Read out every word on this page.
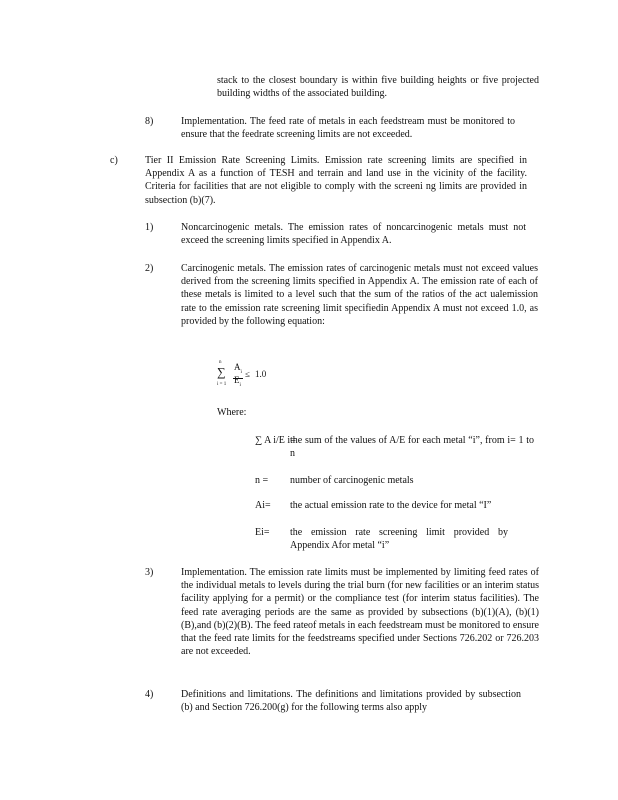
stack to the closest boundary is within five building heights or five projected building widths of the associated building.

8)	Implementation. The feed rate of metals in each feedstream must be monitored to ensure that the feedrate screening limits are not exceeded.

c)	Tier II Emission Rate Screening Limits. Emission rate screening limits are specified in Appendix A as a function of TESH and terrain and land use in the vicinity of the facility. Criteria for facilities that are not eligible to comply with the screeni ng limits are provided in subsection (b)(7).

1)	Noncarcinogenic metals. The emission rates of noncarcinogenic metals must not exceed the screening limits specified in Appendix A.

2)	Carcinogenic metals. The emission rates of carcinogenic metals must not exceed values derived from the screening limits specified in Appendix A. The emission rate of each of these metals is limited to a level such that the sum of the ratios of the act ualemission rate to the emission rate screening limit specifiedin Appendix A must not exceed 1.0, as provided by the following equation:

n
∑
i = 1
$A_i$
$E_i$
≤ 1.0

Where:

∑ A i/E i=

the sum of the values of A/E for each metal “i”, from i= 1 to n

n = number of carcinogenic metals

Ai= the actual emission rate to the device for metal “I”

Ei= the emission rate screening limit provided by Appendix Afor metal “i”

3)	Implementation. The emission rate limits must be implemented by limiting feed rates of the individual metals to levels during the trial burn (for new facilities or an interim status facility applying for a permit) or the compliance test (for interim status facilities). The feed rate averaging periods are the same as provided by subsections (b)(1)(A), (b)(1)(B),and (b)(2)(B). The feed rateof metals in each feedstream must be monitored to ensure that the feed rate limits for the feedstreams specified under Sections 726.202 or 726.203 are not exceeded.

4)	Definitions and limitations. The definitions and limitations provided by subsection (b) and Section 726.200(g) for the following terms also apply
